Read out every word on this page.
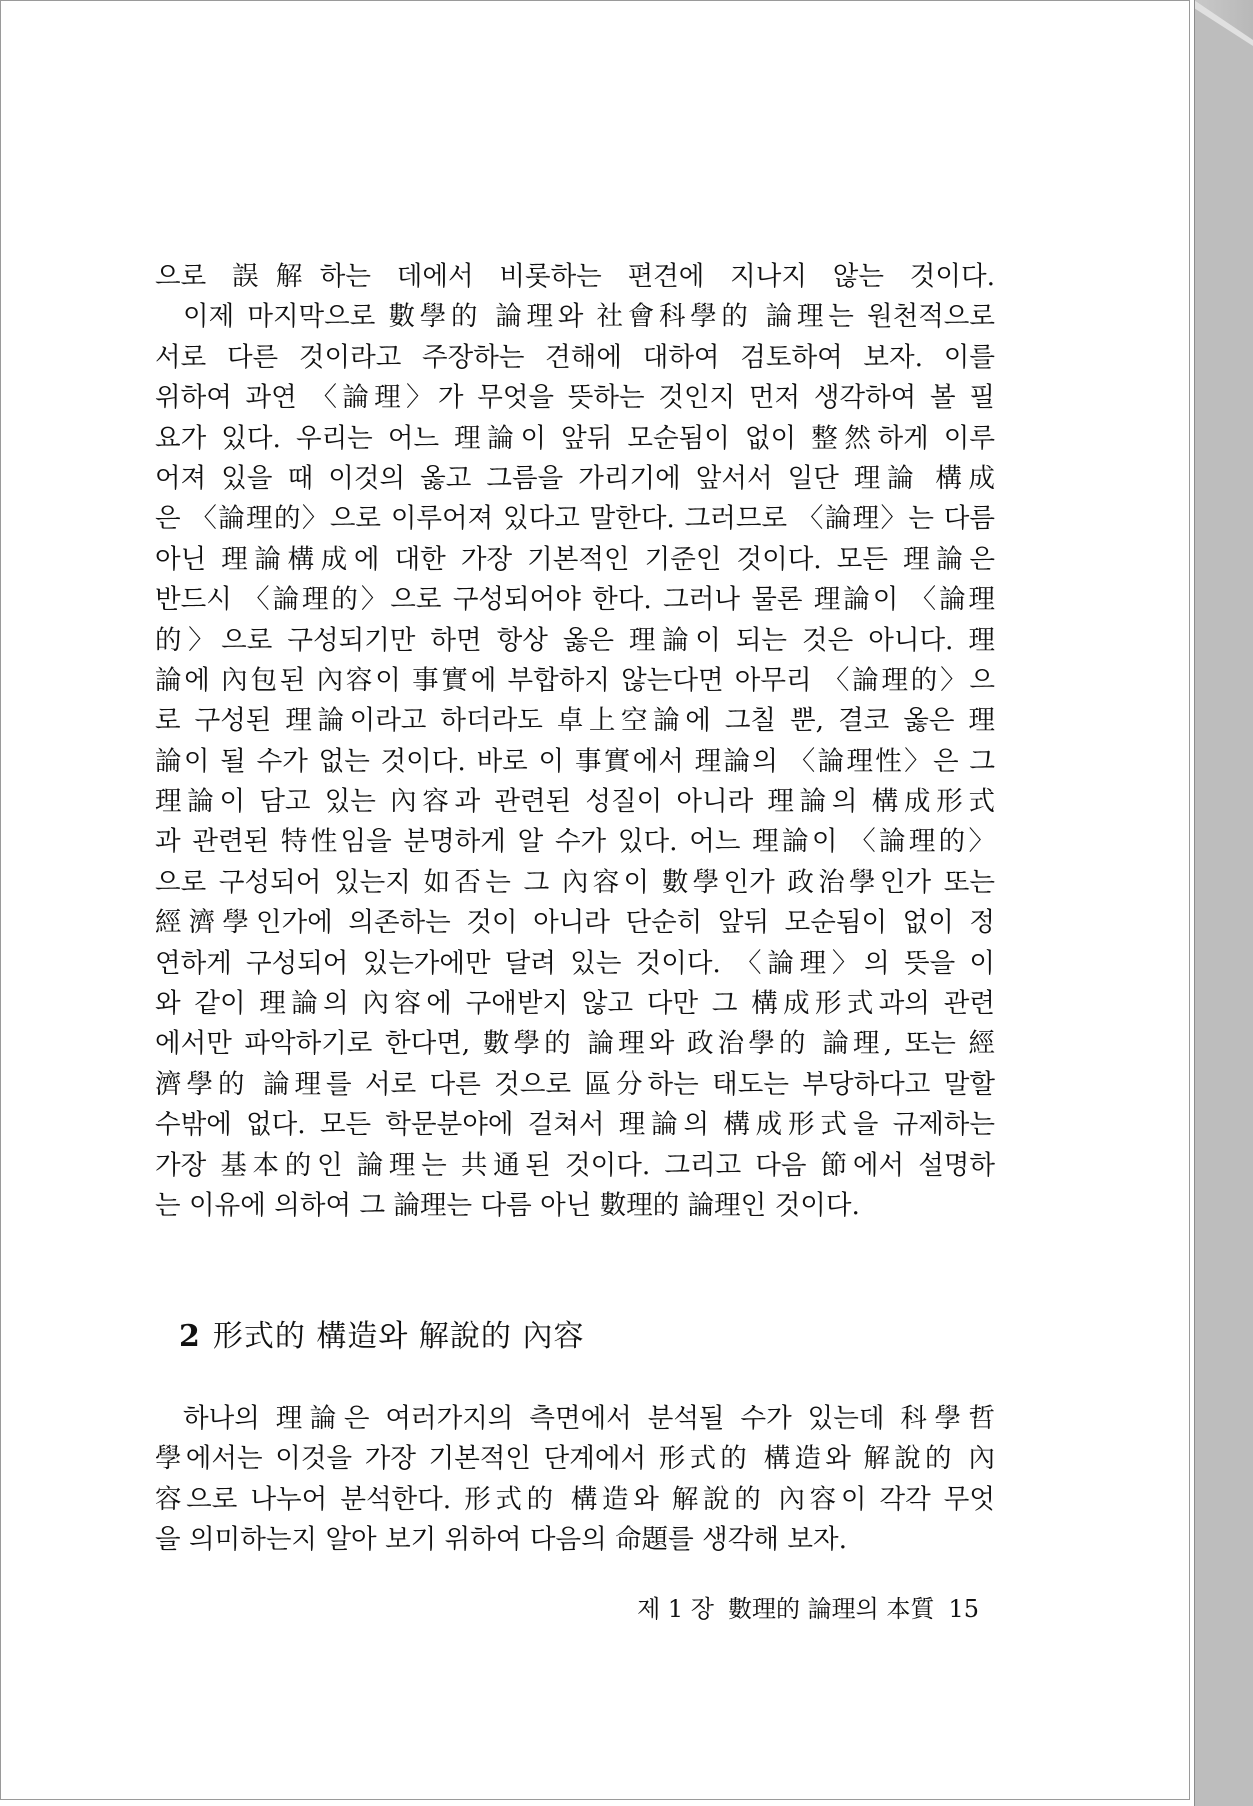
으로 誤解하는 데에서 비롯하는 편견에 지나지 않는 것이다.
이제 마지막으로 數學的 論理와 社會科學的 論理는 원천적으로
서로 다른 것이라고 주장하는 견해에 대하여 검토하여 보자. 이를
위하여 과연 〈論理〉가 무엇을 뜻하는 것인지 먼저 생각하여 볼 필
요가 있다. 우리는 어느 理論이 앞뒤 모순됨이 없이 整然하게 이루
어져 있을 때 이것의 옳고 그름을 가리기에 앞서서 일단 理論 構成
은 〈論理的〉으로 이루어져 있다고 말한다. 그러므로 〈論理〉는 다름
아닌 理論構成에 대한 가장 기본적인 기준인 것이다. 모든 理論은
반드시 〈論理的〉으로 구성되어야 한다. 그러나 물론 理論이 〈論理
的〉으로 구성되기만 하면 항상 옳은 理論이 되는 것은 아니다. 理
論에 內包된 內容이 事實에 부합하지 않는다면 아무리 〈論理的〉으
로 구성된 理論이라고 하더라도 卓上空論에 그칠 뿐, 결코 옳은 理
論이 될 수가 없는 것이다. 바로 이 事實에서 理論의 〈論理性〉은 그
理論이 담고 있는 內容과 관련된 성질이 아니라 理論의 構成形式
과 관련된 特性임을 분명하게 알 수가 있다. 어느 理論이 〈論理的〉
으로 구성되어 있는지 如否는 그 內容이 數學인가 政治學인가 또는
經濟學인가에 의존하는 것이 아니라 단순히 앞뒤 모순됨이 없이 정
연하게 구성되어 있는가에만 달려 있는 것이다. 〈論理〉의 뜻을 이
와 같이 理論의 內容에 구애받지 않고 다만 그 構成形式과의 관련
에서만 파악하기로 한다면, 數學的 論理와 政治學的 論理, 또는 經
濟學的 論理를 서로 다른 것으로 區分하는 태도는 부당하다고 말할
수밖에 없다. 모든 학문분야에 걸쳐서 理論의 構成形式을 규제하는
가장 基本的인 論理는 共通된 것이다. 그리고 다음 節에서 설명하
는 이유에 의하여 그 論理는 다름 아닌 數理的 論理인 것이다.
2 形式的 構造와 解說的 內容
하나의 理論은 여러가지의 측면에서 분석될 수가 있는데 科學哲
學에서는 이것을 가장 기본적인 단계에서 形式的 構造와 解說的 內
容으로 나누어 분석한다. 形式的 構造와 解說的 內容이 각각 무엇
을 의미하는지 알아 보기 위하여 다음의 命題를 생각해 보자.
제 1 장 數理的 論理의 本質 15
